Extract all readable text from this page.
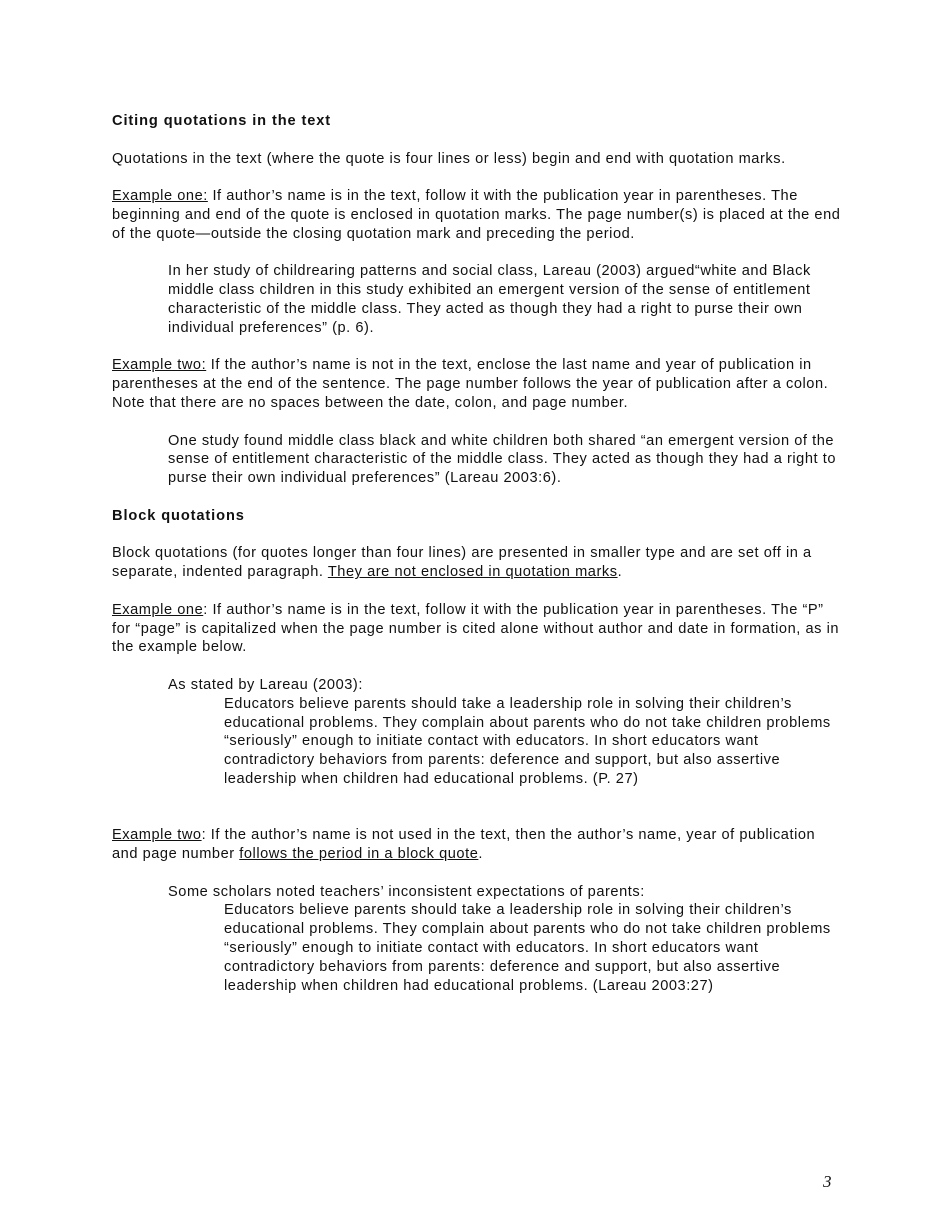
Citing quotations in the text

Quotations in the text (where the quote is four lines or less) begin and end with quotation marks.

Example one: If author’s name is in the text, follow it with the publication year in parentheses. The beginning and end of the quote is enclosed in quotation marks. The page number(s) is placed at the end of the quote—outside the closing quotation mark and preceding the period.

In her study of childrearing patterns and social class, Lareau (2003) argued“white and Black middle class children in this study exhibited an emergent version of the sense of entitlement characteristic of the middle class. They acted as though they had a right to purse their own individual preferences” (p. 6).

Example two: If the author’s name is not in the text, enclose the last name and year of publication in parentheses at the end of the sentence. The page number follows the year of publication after a colon. Note that there are no spaces between the date, colon, and page number.

One study found middle class black and white children both shared “an emergent version of the sense of entitlement characteristic of the middle class. They acted as though they had a right to purse their own individual preferences” (Lareau 2003:6).

Block quotations

Block quotations (for quotes longer than four lines) are presented in smaller type and are set off in a separate, indented paragraph. They are not enclosed in quotation marks.

Example one: If author’s name is in the text, follow it with the publication year in parentheses. The “P” for “page” is capitalized when the page number is cited alone without author and date in formation, as in the example below.

As stated by Lareau (2003):

Educators believe parents should take a leadership role in solving their children’s educational problems. They complain about parents who do not take children problems “seriously” enough to initiate contact with educators. In short educators want contradictory behaviors from parents: deference and support, but also assertive leadership when children had educational problems. (P. 27)

Example two: If the author’s name is not used in the text, then the author’s name, year of publication and page number follows the period in a block quote.

Some scholars noted teachers’ inconsistent expectations of parents:

Educators believe parents should take a leadership role in solving their children’s educational problems. They complain about parents who do not take children problems “seriously” enough to initiate contact with educators. In short educators want contradictory behaviors from parents: deference and support, but also assertive leadership when children had educational problems. (Lareau 2003:27)

3
